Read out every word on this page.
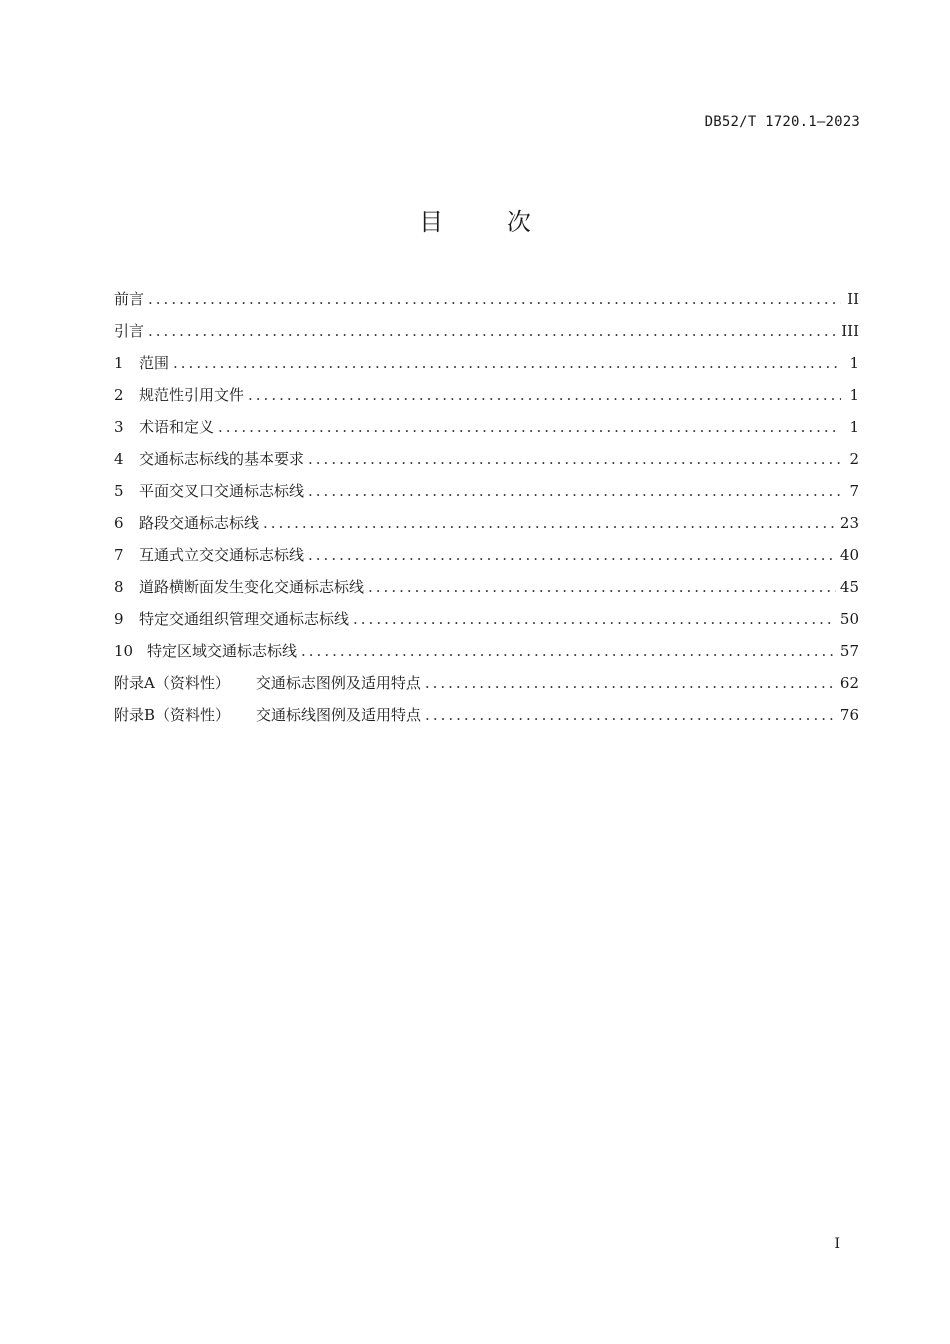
DB52/T 1720.1—2023
目	次
前言 .....	II
引言 .....	III
1	范围 .....	1
2	规范性引用文件 .....	1
3	术语和定义 .....	1
4	交通标志标线的基本要求 .....	2
5	平面交叉口交通标志标线 .....	7
6	路段交通标志标线 .....	23
7	互通式立交交通标志标线 .....	40
8	道路横断面发生变化交通标志标线 .....	45
9	特定交通组织管理交通标志标线 .....	50
10 特定区域交通标志标线 .....	57
附录A（资料性） 交通标志图例及适用特点 .....	62
附录B（资料性） 交通标线图例及适用特点 .....	76
I
